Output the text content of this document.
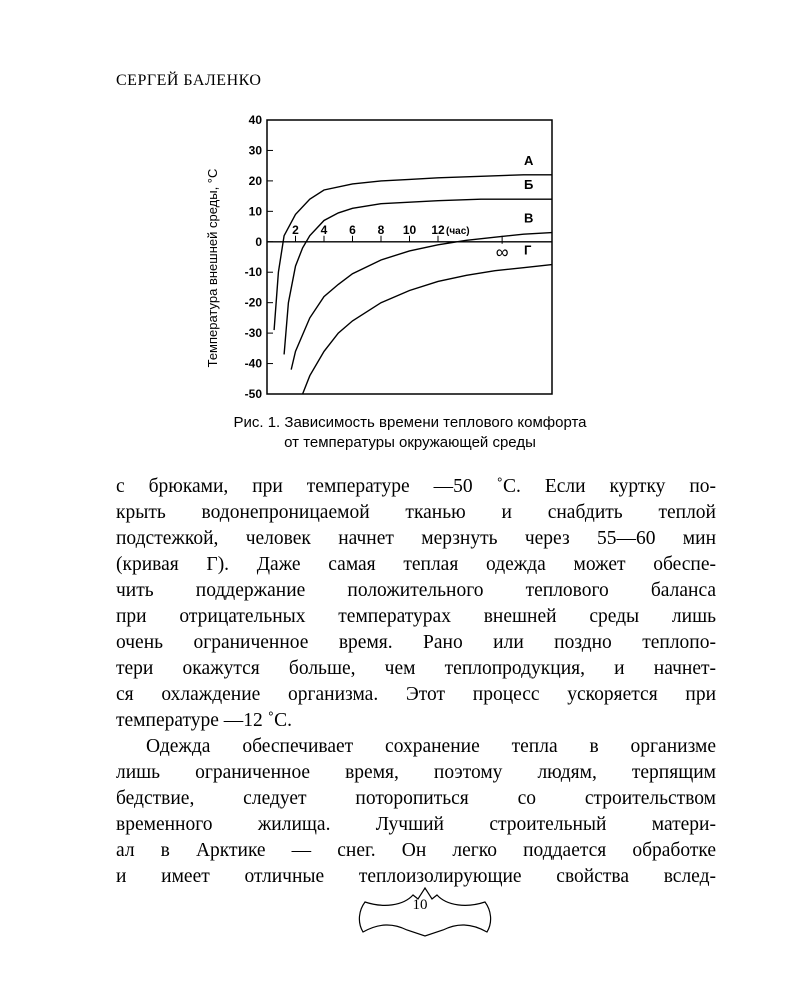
СЕРГЕЙ БАЛЕНКО
Температура внешней среды, °С
40
30
20
10
0
-10
-20
-30
-40
-50
2 4 6 8 10 12 (час)
∞
А
Б
В
Г
Рис. 1. Зависимость времени теплового комфорта
от температуры окружающей среды

с брюками, при температуре —50 ˚С. Если куртку по-

крыть водонепроницаемой тканью и снабдить теплой

подстежкой, человек начнет мерзнуть через 55—60 мин

(кривая Г). Даже самая теплая одежда может обеспе-

чить поддержание положительного теплового баланса

при отрицательных температурах внешней среды лишь

очень ограниченное время. Рано или поздно теплопо-

тери окажутся больше, чем теплопродукция, и начнет-

ся охлаждение организма. Этот процесс ускоряется при

температуре —12 ˚С.

Одежда обеспечивает сохранение тепла в организме

лишь ограниченное время, поэтому людям, терпящим

бедствие, следует поторопиться со строительством

временного жилища. Лучший строительный матери-

ал в Арктике — снег. Он легко поддается обработке

и имеет отличные теплоизолирующие свойства вслед-

10
